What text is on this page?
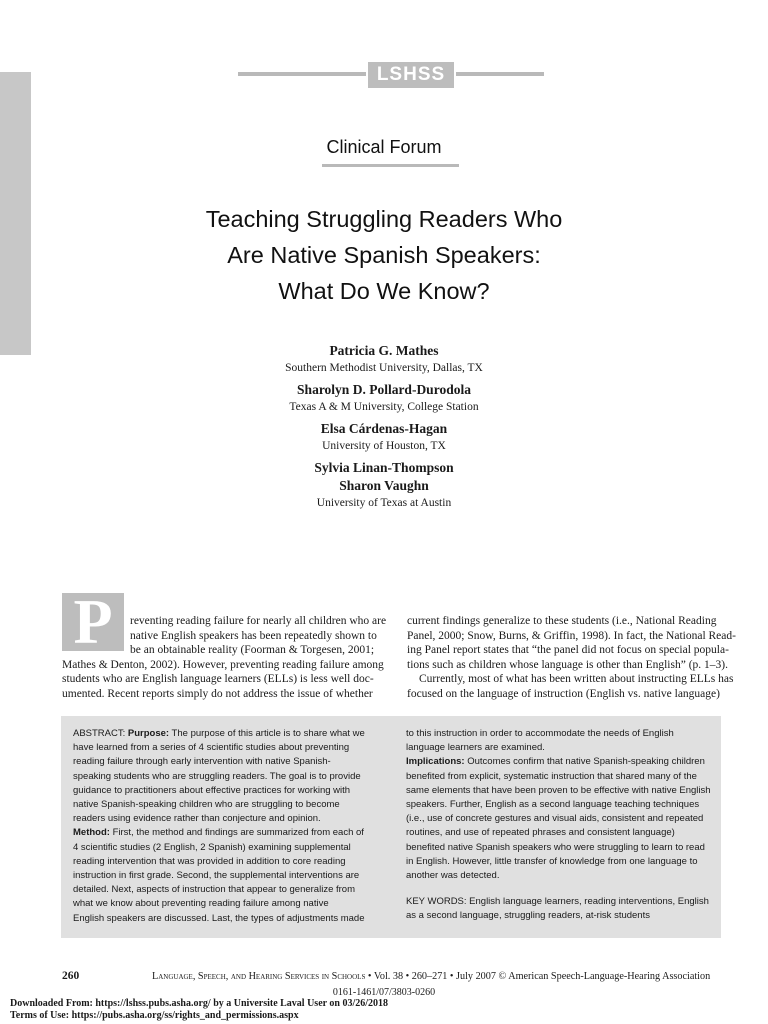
LSHSS
Clinical Forum
Teaching Struggling Readers Who
Are Native Spanish Speakers:
What Do We Know?
Patricia G. Mathes
Southern Methodist University, Dallas, TX
Sharolyn D. Pollard-Durodola
Texas A & M University, College Station
Elsa Cárdenas-Hagan
University of Houston, TX
Sylvia Linan-Thompson
Sharon Vaughn
University of Texas at Austin
P	reventing reading failure for nearly all children who are
native English speakers has been repeatedly shown to
be an obtainable reality (Foorman & Torgesen, 2001;
Mathes & Denton, 2002). However, preventing reading failure among
students who are English language learners (ELLs) is less well doc-
umented. Recent reports simply do not address the issue of whether
current findings generalize to these students (i.e., National Reading
Panel, 2000; Snow, Burns, & Griffin, 1998). In fact, the National Read-
ing Panel report states that “the panel did not focus on special popula-
tions such as children whose language is other than English” (p. 1–3).
Currently, most of what has been written about instructing ELLs has
focused on the language of instruction (English vs. native language)
ABSTRACT: Purpose: The purpose of this article is to share what we
have learned from a series of 4 scientific studies about preventing
reading failure through early intervention with native Spanish-
speaking students who are struggling readers. The goal is to provide
guidance to practitioners about effective practices for working with
native Spanish-speaking children who are struggling to become
readers using evidence rather than conjecture and opinion.
Method: First, the method and findings are summarized from each of
4 scientific studies (2 English, 2 Spanish) examining supplemental
reading intervention that was provided in addition to core reading
instruction in first grade. Second, the supplemental interventions are
detailed. Next, aspects of instruction that appear to generalize from
what we know about preventing reading failure among native
English speakers are discussed. Last, the types of adjustments made
to this instruction in order to accommodate the needs of English
language learners are examined.
Implications: Outcomes confirm that native Spanish-speaking children
benefited from explicit, systematic instruction that shared many of the
same elements that have been proven to be effective with native English
speakers. Further, English as a second language teaching techniques
(i.e., use of concrete gestures and visual aids, consistent and repeated
routines, and use of repeated phrases and consistent language)
benefited native Spanish speakers who were struggling to learn to read
in English. However, little transfer of knowledge from one language to
another was detected.
KEY WORDS: English language learners, reading interventions, English
as a second language, struggling readers, at-risk students
260	Language, Speech, and Hearing Services in Schools • Vol. 38 • 260–271 • July 2007 © American Speech-Language-Hearing Association
0161-1461/07/3803-0260
Downloaded From: https://lshss.pubs.asha.org/ by a Universite Laval User on 03/26/2018
Terms of Use: https://pubs.asha.org/ss/rights_and_permissions.aspx
